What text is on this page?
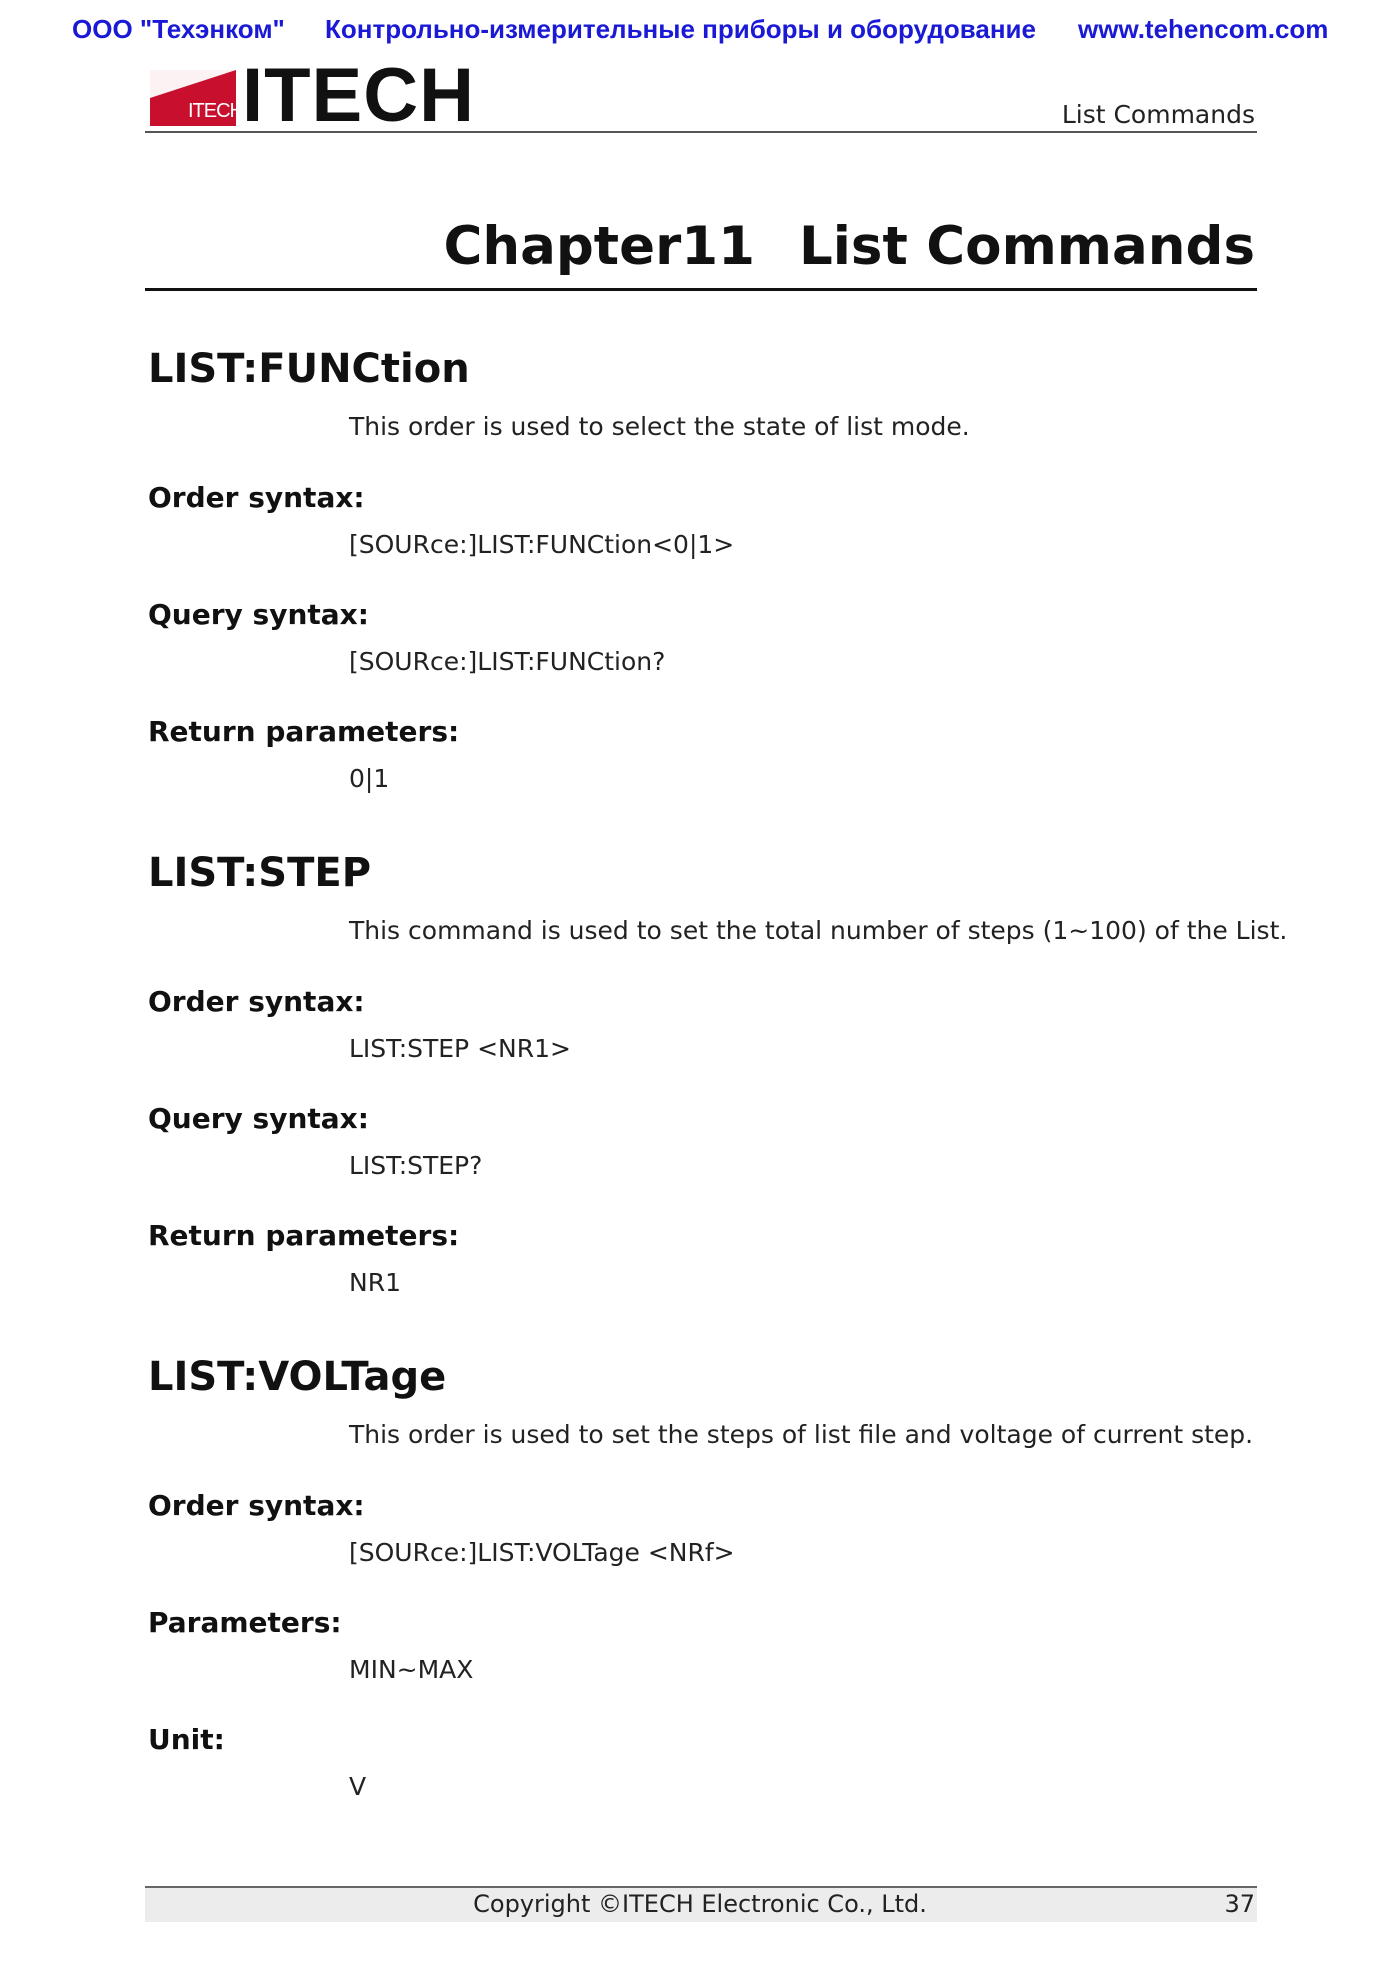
ООО "Техэнком" Контрольно-измерительные приборы и оборудование www.tehencom.com
ITECH ITECH	List Commands
Chapter11 List Commands
LIST:FUNCtion
This order is used to select the state of list mode.
Order syntax:
[SOURce:]LIST:FUNCtion<0|1>
Query syntax:
[SOURce:]LIST:FUNCtion?
Return parameters:
0|1
LIST:STEP
This command is used to set the total number of steps (1~100) of the List.
Order syntax:
LIST:STEP <NR1>
Query syntax:
LIST:STEP?
Return parameters:
NR1
LIST:VOLTage
This order is used to set the steps of list file and voltage of current step.
Order syntax:
[SOURce:]LIST:VOLTage <NRf>
Parameters:
MIN~MAX
Unit:
V
Copyright ©ITECH Electronic Co., Ltd.	37
